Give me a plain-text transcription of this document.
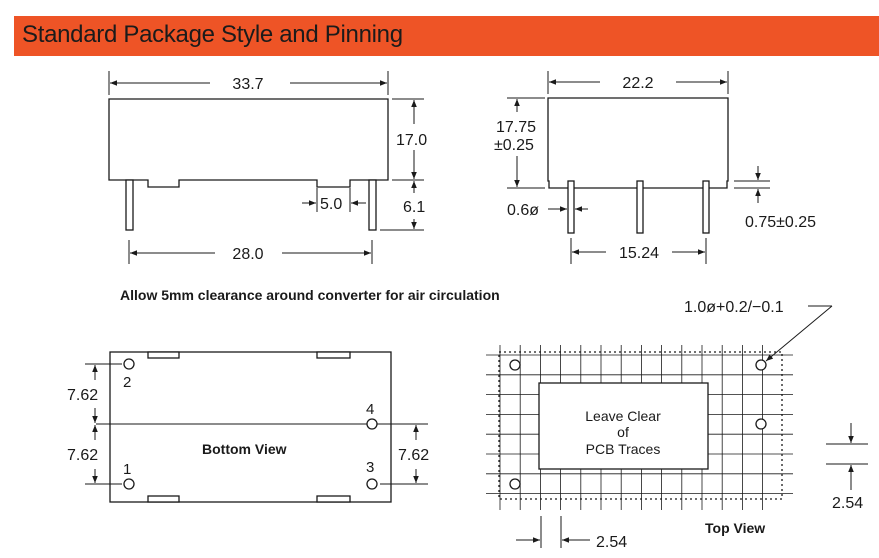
Standard Package Style and Pinning
33.7
17.0
6.1
5.0
28.0
22.2
17.75
±0.25
0.6ø
15.24
0.75±0.25
Allow 5mm clearance around converter for air circulation
2
1
4
3
Bottom View
7.62
7.62	7.62
Leave Clear
of
PCB Traces
1.0ø+0.2/−0.1
2.54
2.54
Top View
